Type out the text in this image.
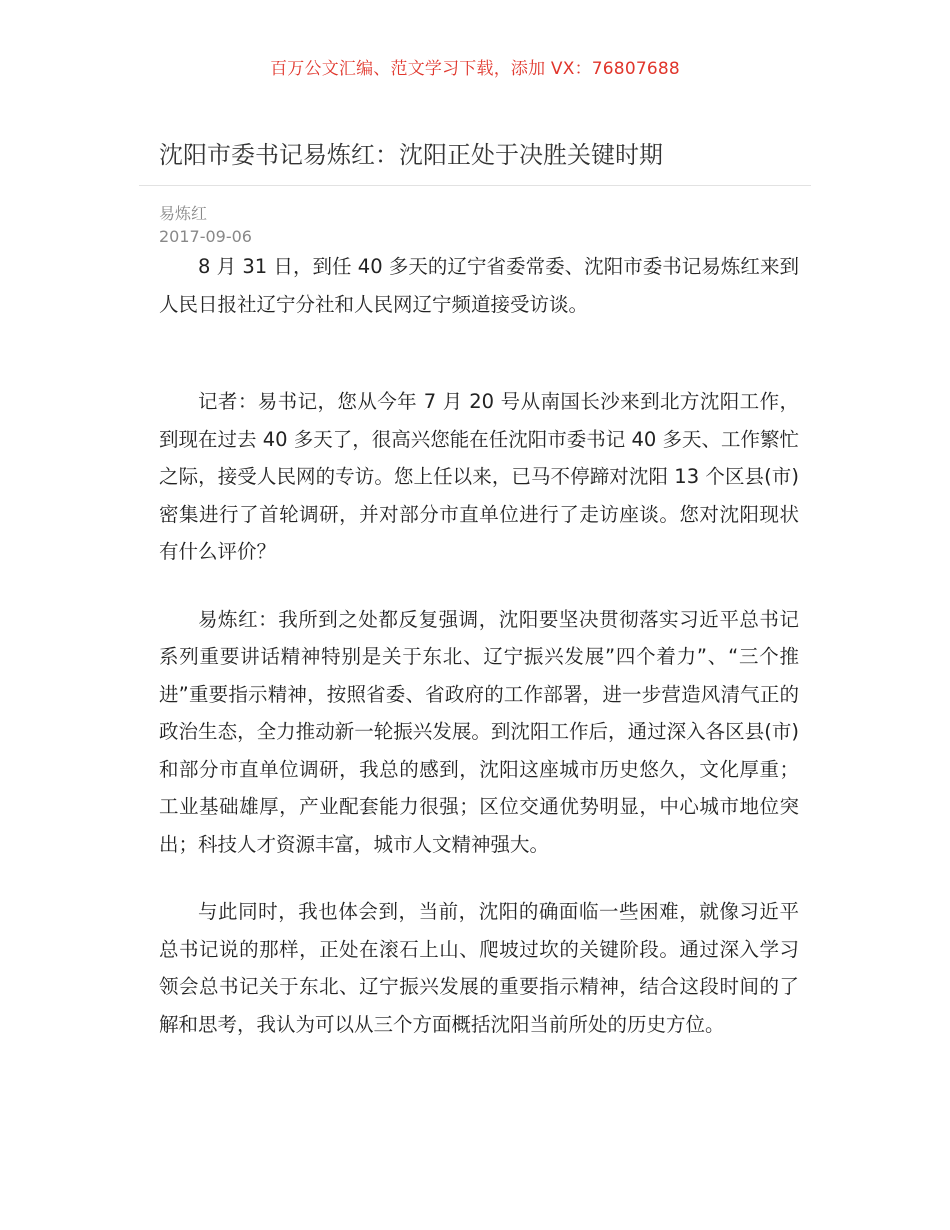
百万公文汇编、范文学习下载，添加 VX：76807688
沈阳市委书记易炼红：沈阳正处于决胜关键时期
易炼红
2017-09-06

8 月 31 日，到任 40 多天的辽宁省委常委、沈阳市委书记易炼红来到人民日报社辽宁分社和人民网辽宁频道接受访谈。

记者：易书记，您从今年 7 月 20 号从南国长沙来到北方沈阳工作，到现在过去 40 多天了，很高兴您能在任沈阳市委书记 40 多天、工作繁忙之际，接受人民网的专访。您上任以来，已马不停蹄对沈阳 13 个区县(市)密集进行了首轮调研，并对部分市直单位进行了走访座谈。您对沈阳现状有什么评价？

易炼红：我所到之处都反复强调，沈阳要坚决贯彻落实习近平总书记系列重要讲话精神特别是关于东北、辽宁振兴发展”四个着力”、“三个推进”重要指示精神，按照省委、省政府的工作部署，进一步营造风清气正的政治生态，全力推动新一轮振兴发展。到沈阳工作后，通过深入各区县(市)和部分市直单位调研，我总的感到，沈阳这座城市历史悠久，文化厚重；工业基础雄厚，产业配套能力很强；区位交通优势明显，中心城市地位突出；科技人才资源丰富，城市人文精神强大。

与此同时，我也体会到，当前，沈阳的确面临一些困难，就像习近平总书记说的那样，正处在滚石上山、爬坡过坎的关键阶段。通过深入学习领会总书记关于东北、辽宁振兴发展的重要指示精神，结合这段时间的了解和思考，我认为可以从三个方面概括沈阳当前所处的历史方位。
